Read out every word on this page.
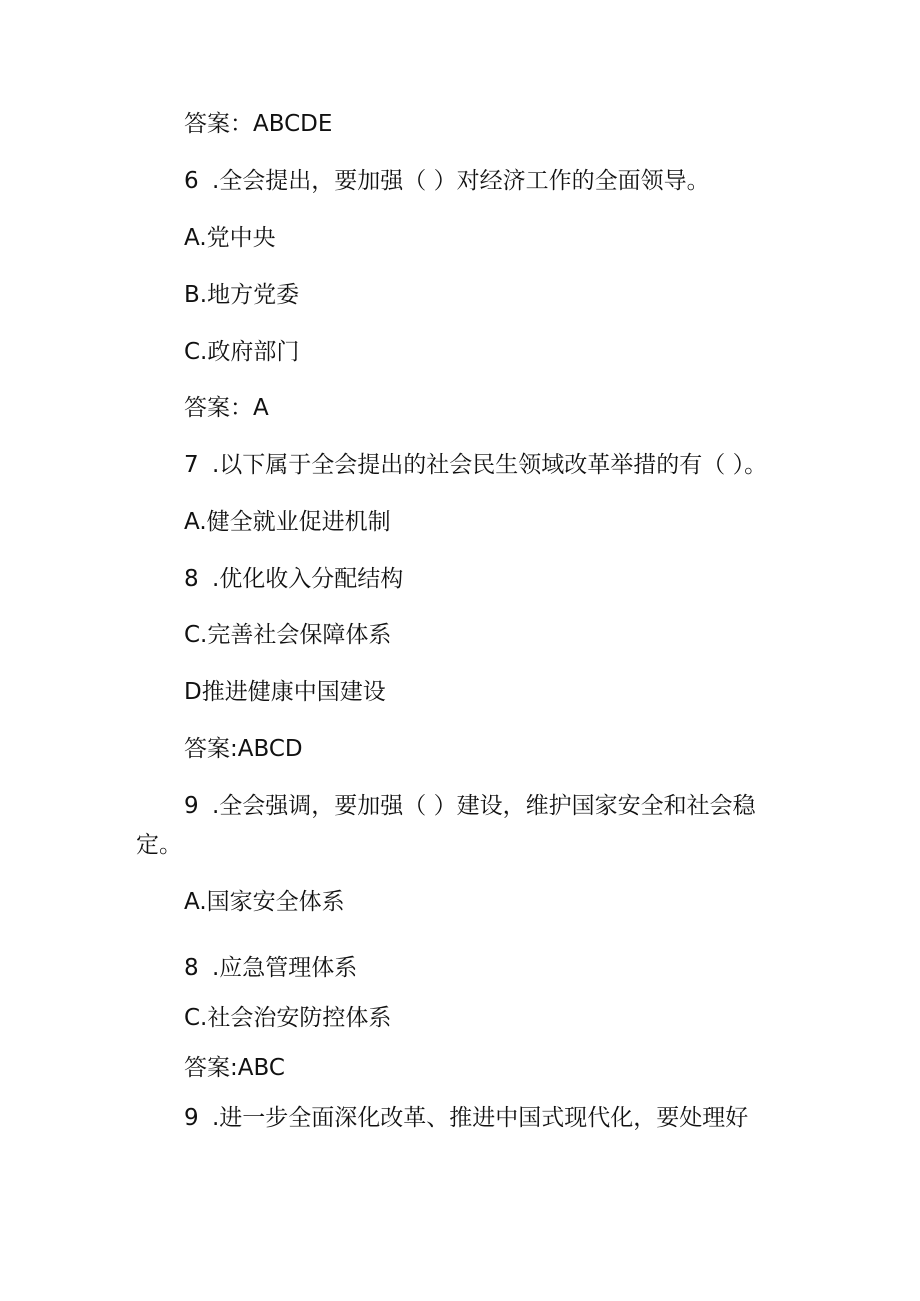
答案：ABCDE
6 .全会提出，要加强（ ）对经济工作的全面领导。
A.党中央
B.地方党委
C.政府部门
答案：A
7 .以下属于全会提出的社会民生领域改革举措的有（ ）。
A.健全就业促进机制
8 .优化收入分配结构
C.完善社会保障体系
D推进健康中国建设
答案:ABCD
9 .全会强调，要加强（ ）建设，维护国家安全和社会稳
定。
A.国家安全体系
8 .应急管理体系
C.社会治安防控体系
答案:ABC
9 .进一步全面深化改革、推进中国式现代化，要处理好
